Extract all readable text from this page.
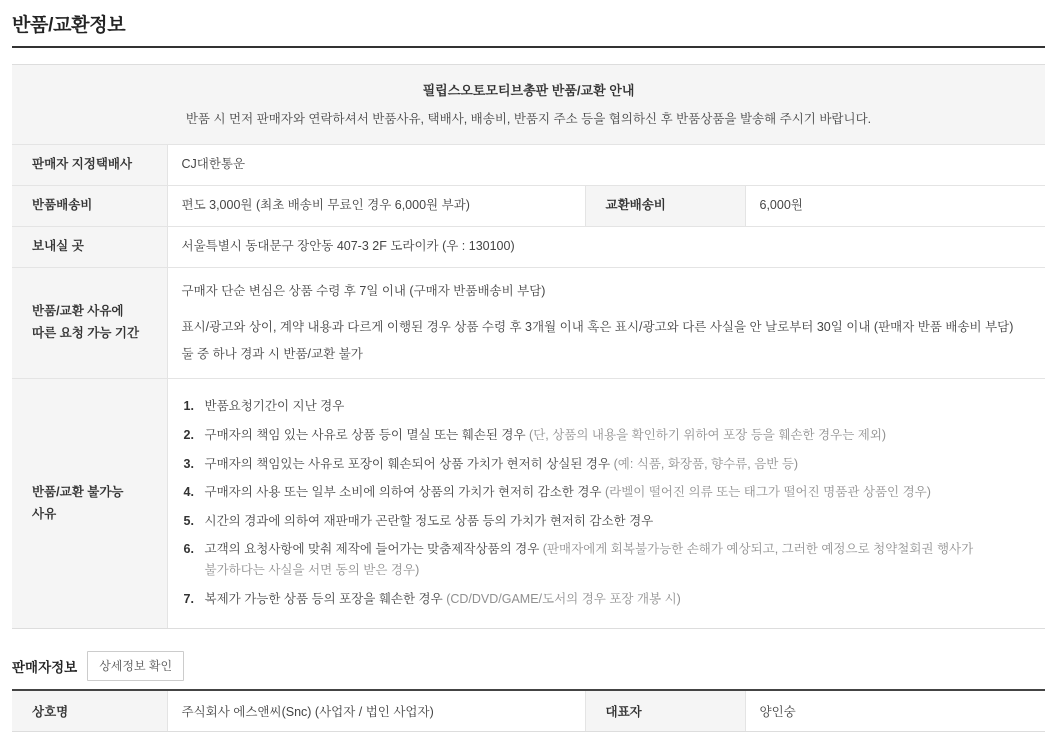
반품/교환정보
필립스오토모티브총판 반품/교환 안내
반품 시 먼저 판매자와 연락하셔서 반품사유, 택배사, 배송비, 반품지 주소 등을 협의하신 후 반품상품을 발송해 주시기 바랍니다.
판매자 지정택배사	CJ대한통운
반품배송비		편도 3,000원 (최초 배송비 무료인 경우 6,000원 부과)	교환배송비	6,000원

보내실 곳	서울특별시 동대문구 장안동 407-3 2F 도라이카 (우 : 130100)
반품/교환 사유에
따른 요청 가능 기간	
구매자 단순 변심은 상품 수령 후 7일 이내 (구매자 반품배송비 부담)
표시/광고와 상이, 계약 내용과 다르게 이행된 경우 상품 수령 후 3개월 이내 혹은 표시/광고와 다른 사실을 안 날로부터 30일 이내 (판매자 반품 배송비 부담)
둘 중 하나 경과 시 반품/교환 불가

반품/교환 불가능
사유	
반품요청기간이 지난 경우
구매자의 책임 있는 사유로 상품 등이 멸실 또는 훼손된 경우 (단, 상품의 내용을 확인하기 위하여 포장 등을 훼손한 경우는 제외)
구매자의 책임있는 사유로 포장이 훼손되어 상품 가치가 현저히 상실된 경우 (예: 식품, 화장품, 향수류, 음반 등)
구매자의 사용 또는 일부 소비에 의하여 상품의 가치가 현저히 감소한 경우 (라벨이 떨어진 의류 또는 태그가 떨어진 명품관 상품인 경우)
시간의 경과에 의하여 재판매가 곤란할 정도로 상품 등의 가치가 현저히 감소한 경우
고객의 요청사항에 맞춰 제작에 들어가는 맞춤제작상품의 경우 (판매자에게 회복불가능한 손해가 예상되고, 그러한 예정으로 청약철회권 행사가
불가하다는 사실을 서면 동의 받은 경우)
복제가 가능한 상품 등의 포장을 훼손한 경우 (CD/DVD/GAME/도서의 경우 포장 개봉 시)
판매자정보	상세정보 확인
상호명	주식회사 에스앤씨(Snc) (사업자 / 법인 사업자)	대표자	양인숭
